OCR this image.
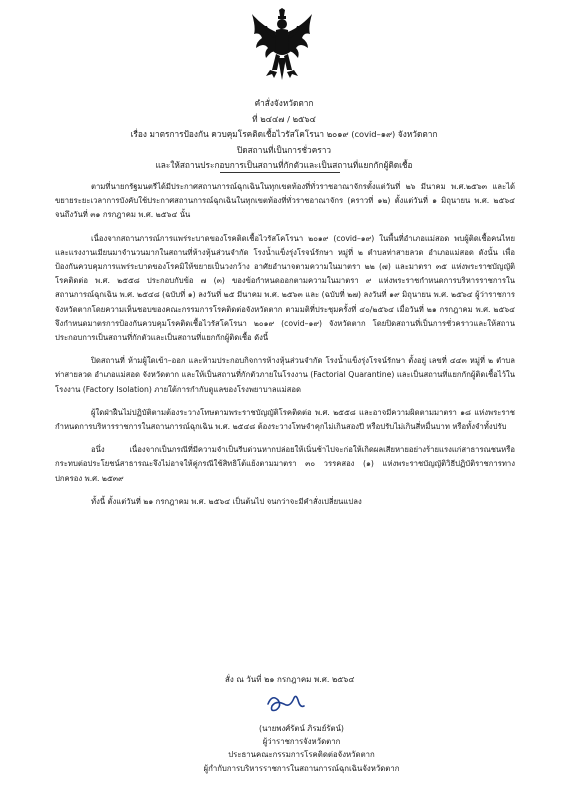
คำสั่งจังหวัดตาก
ที่ ๒๔๔๗ / ๒๕๖๔
เรื่อง มาตรการป้องกัน ควบคุมโรคติดเชื้อไวรัสโคโรนา ๒๐๑๙ (covid–๑๙) จังหวัดตาก
ปิดสถานที่เป็นการชั่วคราว
และให้สถานประกอบการเป็นสถานที่กักตัวและเป็นสถานที่แยกกักผู้ติดเชื้อ

ตามที่นายกรัฐมนตรีได้มีประกาศสถานการณ์ฉุกเฉินในทุกเขตท้องที่ทั่วราชอาณาจักรตั้งแต่วันที่ ๒๖ มีนาคม พ.ศ.๒๕๖๓ และได้ขยายระยะเวลาการบังคับใช้ประกาศสถานการณ์ฉุกเฉินในทุกเขตท้องที่ทั่วราชอาณาจักร (คราวที่ ๑๒) ตั้งแต่วันที่ ๑ มิถุนายน พ.ศ. ๒๕๖๔ จนถึงวันที่ ๓๑ กรกฎาคม พ.ศ. ๒๕๖๔ นั้น

เนื่องจากสถานการณ์การแพร่ระบาดของโรคติดเชื้อไวรัสโคโรนา ๒๐๑๙ (covid–๑๙) ในพื้นที่อำเภอแม่สอด พบผู้ติดเชื้อคนไทยและแรงงานเมียนมาจำนวนมากในสถานที่ห้างหุ้นส่วนจำกัด โรงน้ำแข็งรุ่งโรจน์รักษา หมู่ที่ ๒ ตำบลท่าสายลวด อำเภอแม่สอด ดังนั้น เพื่อป้องกันควบคุมการแพร่ระบาดของโรคมิให้ขยายเป็นวงกว้าง อาศัยอำนาจตามความในมาตรา ๒๒ (๗) และมาตรา ๓๕ แห่งพระราชบัญญัติโรคติดต่อ พ.ศ. ๒๕๕๘ ประกอบกับข้อ ๗ (๓) ของข้อกำหนดออกตามความในมาตรา ๙ แห่งพระราชกำหนดการบริหารราชการในสถานการณ์ฉุกเฉิน พ.ศ. ๒๕๔๘ (ฉบับที่ ๑) ลงวันที่ ๒๕ มีนาคม พ.ศ. ๒๕๖๓ และ (ฉบับที่ ๒๗) ลงวันที่ ๑๙ มิถุนายน พ.ศ. ๒๕๖๔ ผู้ว่าราชการจังหวัดตากโดยความเห็นชอบของคณะกรรมการโรคติดต่อจังหวัดตาก ตามมติที่ประชุมครั้งที่ ๔๐/๒๕๖๔ เมื่อวันที่ ๒๑ กรกฎาคม พ.ศ. ๒๕๖๔ จึงกำหนดมาตรการป้องกันควบคุมโรคติดเชื้อไวรัสโคโรนา ๒๐๑๙ (covid–๑๙) จังหวัดตาก โดยปิดสถานที่เป็นการชั่วคราวและให้สถานประกอบการเป็นสถานที่กักตัวและเป็นสถานที่แยกกักผู้ติดเชื้อ ดังนี้

ปิดสถานที่ ห้ามผู้ใดเข้า–ออก และห้ามประกอบกิจการห้างหุ้นส่วนจำกัด โรงน้ำแข็งรุ่งโรจน์รักษา ตั้งอยู่ เลขที่ ๔๔๓ หมู่ที่ ๒ ตำบลท่าสายลวด อำเภอแม่สอด จังหวัดตาก และให้เป็นสถานที่กักตัวภายในโรงงาน (Factorial Quarantine) และเป็นสถานที่แยกกักผู้ติดเชื้อไว้ในโรงงาน (Factory Isolation) ภายใต้การกำกับดูแลของโรงพยาบาลแม่สอด

ผู้ใดฝ่าฝืนไม่ปฏิบัติตามต้องระวางโทษตามพระราชบัญญัติโรคติดต่อ พ.ศ. ๒๕๕๘ และอาจมีความผิดตามมาตรา ๑๘ แห่งพระราชกำหนดการบริหารราชการในสถานการณ์ฉุกเฉิน พ.ศ. ๒๕๔๘ ต้องระวางโทษจำคุกไม่เกินสองปี หรือปรับไม่เกินสี่หมื่นบาท หรือทั้งจำทั้งปรับ

อนึ่ง เนื่องจากเป็นกรณีที่มีความจำเป็นรีบด่วนหากปล่อยให้เนิ่นช้าไปจะก่อให้เกิดผลเสียหายอย่างร้ายแรงแก่สาธารณชนหรือกระทบต่อประโยชน์สาธารณะจึงไม่อาจให้คู่กรณีใช้สิทธิโต้แย้งตามมาตรา ๓๐ วรรคสอง (๑) แห่งพระราชบัญญัติวิธีปฏิบัติราชการทางปกครอง พ.ศ. ๒๕๓๙

ทั้งนี้ ตั้งแต่วันที่ ๒๑ กรกฎาคม พ.ศ. ๒๕๖๔ เป็นต้นไป จนกว่าจะมีคำสั่งเปลี่ยนแปลง

สั่ง ณ วันที่ ๒๑ กรกฎาคม พ.ศ. ๒๕๖๔
(นายพงศ์รัตน์ ภิรมย์รัตน์)
ผู้ว่าราชการจังหวัดตาก
ประธานคณะกรรมการโรคติดต่อจังหวัดตาก
ผู้กำกับการบริหารราชการในสถานการณ์ฉุกเฉินจังหวัดตาก
